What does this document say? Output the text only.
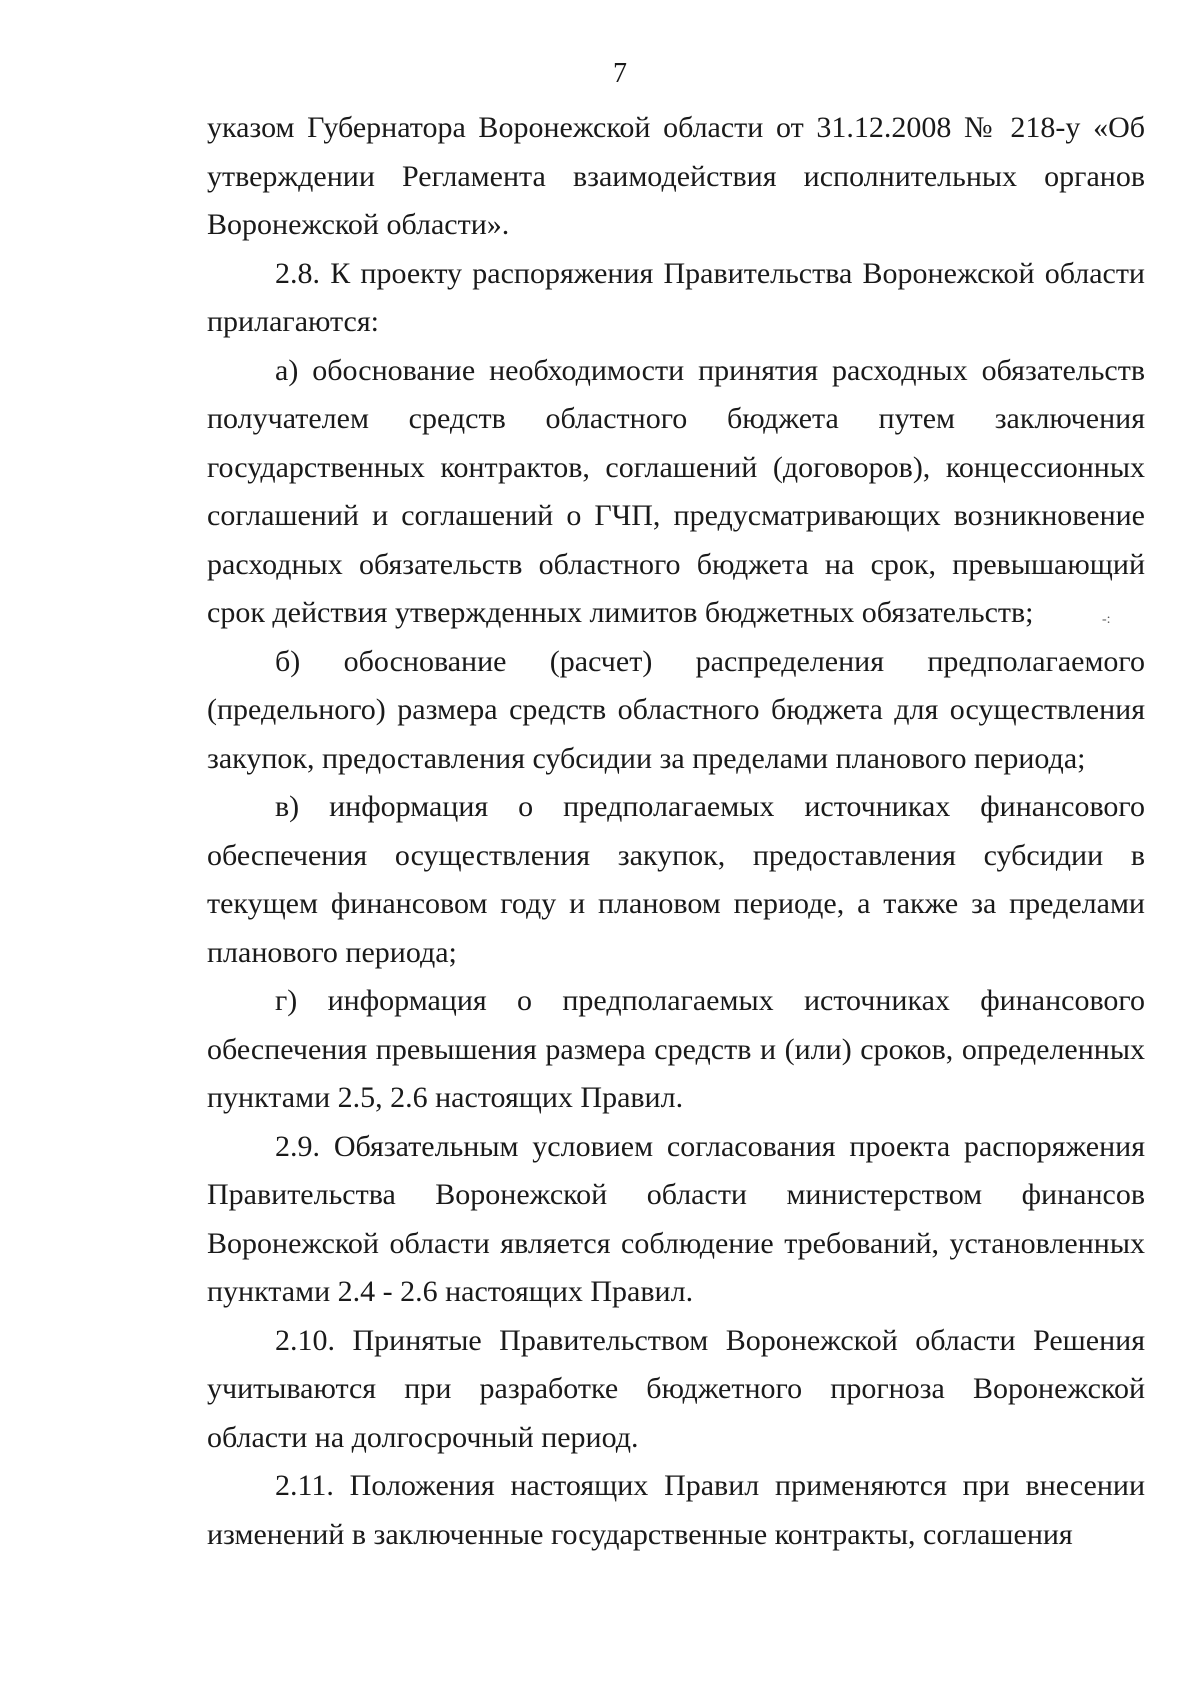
7

указом Губернатора Воронежской области от 31.12.2008 № 218-у «Об утверждении Регламента взаимодействия исполнительных органов Воронежской области».

2.8. К проекту распоряжения Правительства Воронежской области прилагаются:

а) обоснование необходимости принятия расходных обязательств получателем средств областного бюджета путем заключения государственных контрактов, соглашений (договоров), концессионных соглашений и соглашений о ГЧП, предусматривающих возникновение расходных обязательств областного бюджета на срок, превышающий срок действия утвержденных лимитов бюджетных обязательств;

б) обоснование (расчет) распределения предполагаемого (предельного) размера средств областного бюджета для осуществления закупок, предоставления субсидии за пределами планового периода;

в) информация о предполагаемых источниках финансового обеспечения осуществления закупок, предоставления субсидии в текущем финансовом году и плановом периоде, а также за пределами планового периода;

г) информация о предполагаемых источниках финансового обеспечения превышения размера средств и (или) сроков, определенных пунктами 2.5, 2.6 настоящих Правил.

2.9. Обязательным условием согласования проекта распоряжения Правительства Воронежской области министерством финансов Воронежской области является соблюдение требований, установленных пунктами 2.4 - 2.6 настоящих Правил.

2.10. Принятые Правительством Воронежской области Решения учитываются при разработке бюджетного прогноза Воронежской области на долгосрочный период.

2.11. Положения настоящих Правил применяются при внесении изменений в заключенные государственные контракты, соглашения

-:
